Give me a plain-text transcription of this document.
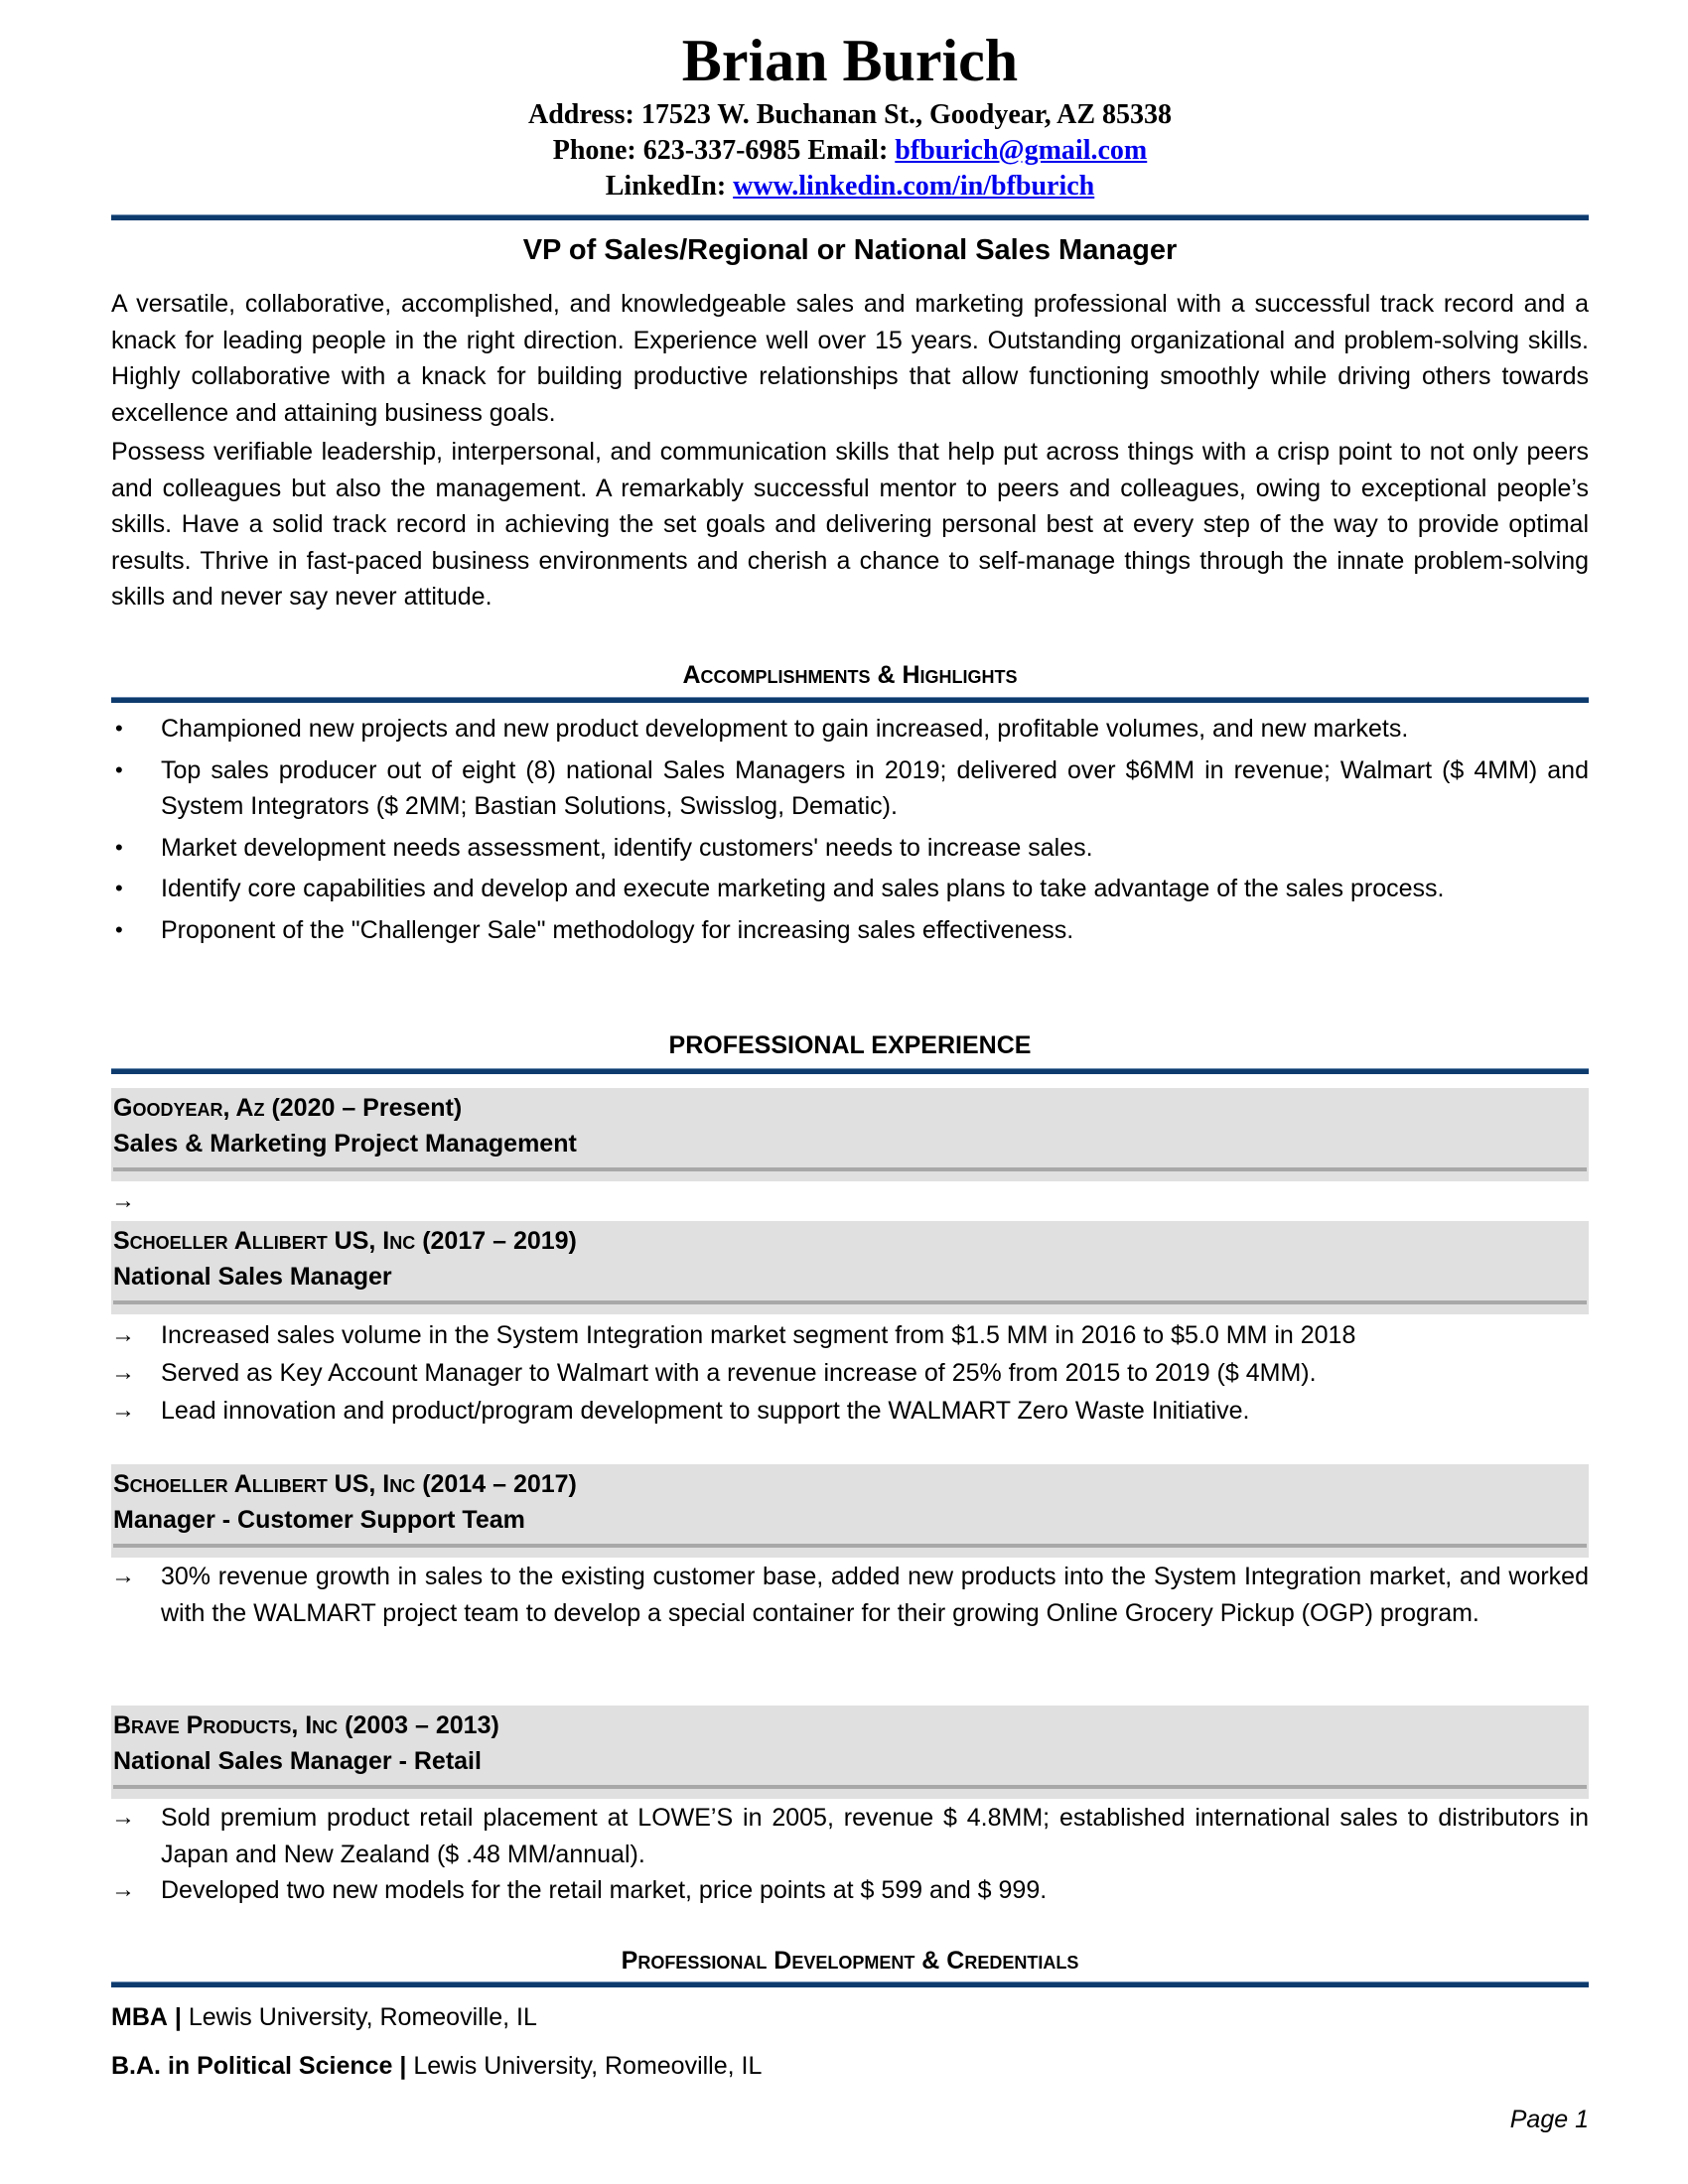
Brian Burich
Address: 17523 W. Buchanan St., Goodyear, AZ 85338
Phone: 623-337-6985 Email: bfburich@gmail.com
LinkedIn: www.linkedin.com/in/bfburich
VP of Sales/Regional or National Sales Manager
A versatile, collaborative, accomplished, and knowledgeable sales and marketing professional with a successful track record and a knack for leading people in the right direction. Experience well over 15 years. Outstanding organizational and problem-solving skills. Highly collaborative with a knack for building productive relationships that allow functioning smoothly while driving others towards excellence and attaining business goals.
Possess verifiable leadership, interpersonal, and communication skills that help put across things with a crisp point to not only peers and colleagues but also the management. A remarkably successful mentor to peers and colleagues, owing to exceptional people’s skills. Have a solid track record in achieving the set goals and delivering personal best at every step of the way to provide optimal results. Thrive in fast-paced business environments and cherish a chance to self-manage things through the innate problem-solving skills and never say never attitude.
Accomplishments & Highlights
• Championed new projects and new product development to gain increased, profitable volumes, and new markets.
• Top sales producer out of eight (8) national Sales Managers in 2019; delivered over $6MM in revenue; Walmart ($ 4MM) and System Integrators ($ 2MM; Bastian Solutions, Swisslog, Dematic).
• Market development needs assessment, identify customers' needs to increase sales.
• Identify core capabilities and develop and execute marketing and sales plans to take advantage of the sales process.
• Proponent of the "Challenger Sale" methodology for increasing sales effectiveness.
PROFESSIONAL EXPERIENCE
Goodyear, Az (2020 – Present)
Sales & Marketing Project Management
→

Schoeller Allibert US, Inc (2017 – 2019)
National Sales Manager
→ Increased sales volume in the System Integration market segment from $1.5 MM in 2016 to $5.0 MM in 2018
→ Served as Key Account Manager to Walmart with a revenue increase of 25% from 2015 to 2019 ($ 4MM).
→ Lead innovation and product/program development to support the WALMART Zero Waste Initiative.
Schoeller Allibert US, Inc (2014 – 2017)
Manager - Customer Support Team
→ 30% revenue growth in sales to the existing customer base, added new products into the System Integration market, and worked with the WALMART project team to develop a special container for their growing Online Grocery Pickup (OGP) program.
Brave Products, Inc (2003 – 2013)
National Sales Manager - Retail
→ Sold premium product retail placement at LOWE’S in 2005, revenue $ 4.8MM; established international sales to distributors in Japan and New Zealand ($ .48 MM/annual).
→ Developed two new models for the retail market, price points at $ 599 and $ 999.
Professional Development & Credentials
MBA | Lewis University, Romeoville, IL
B.A. in Political Science | Lewis University, Romeoville, IL
Page 1
